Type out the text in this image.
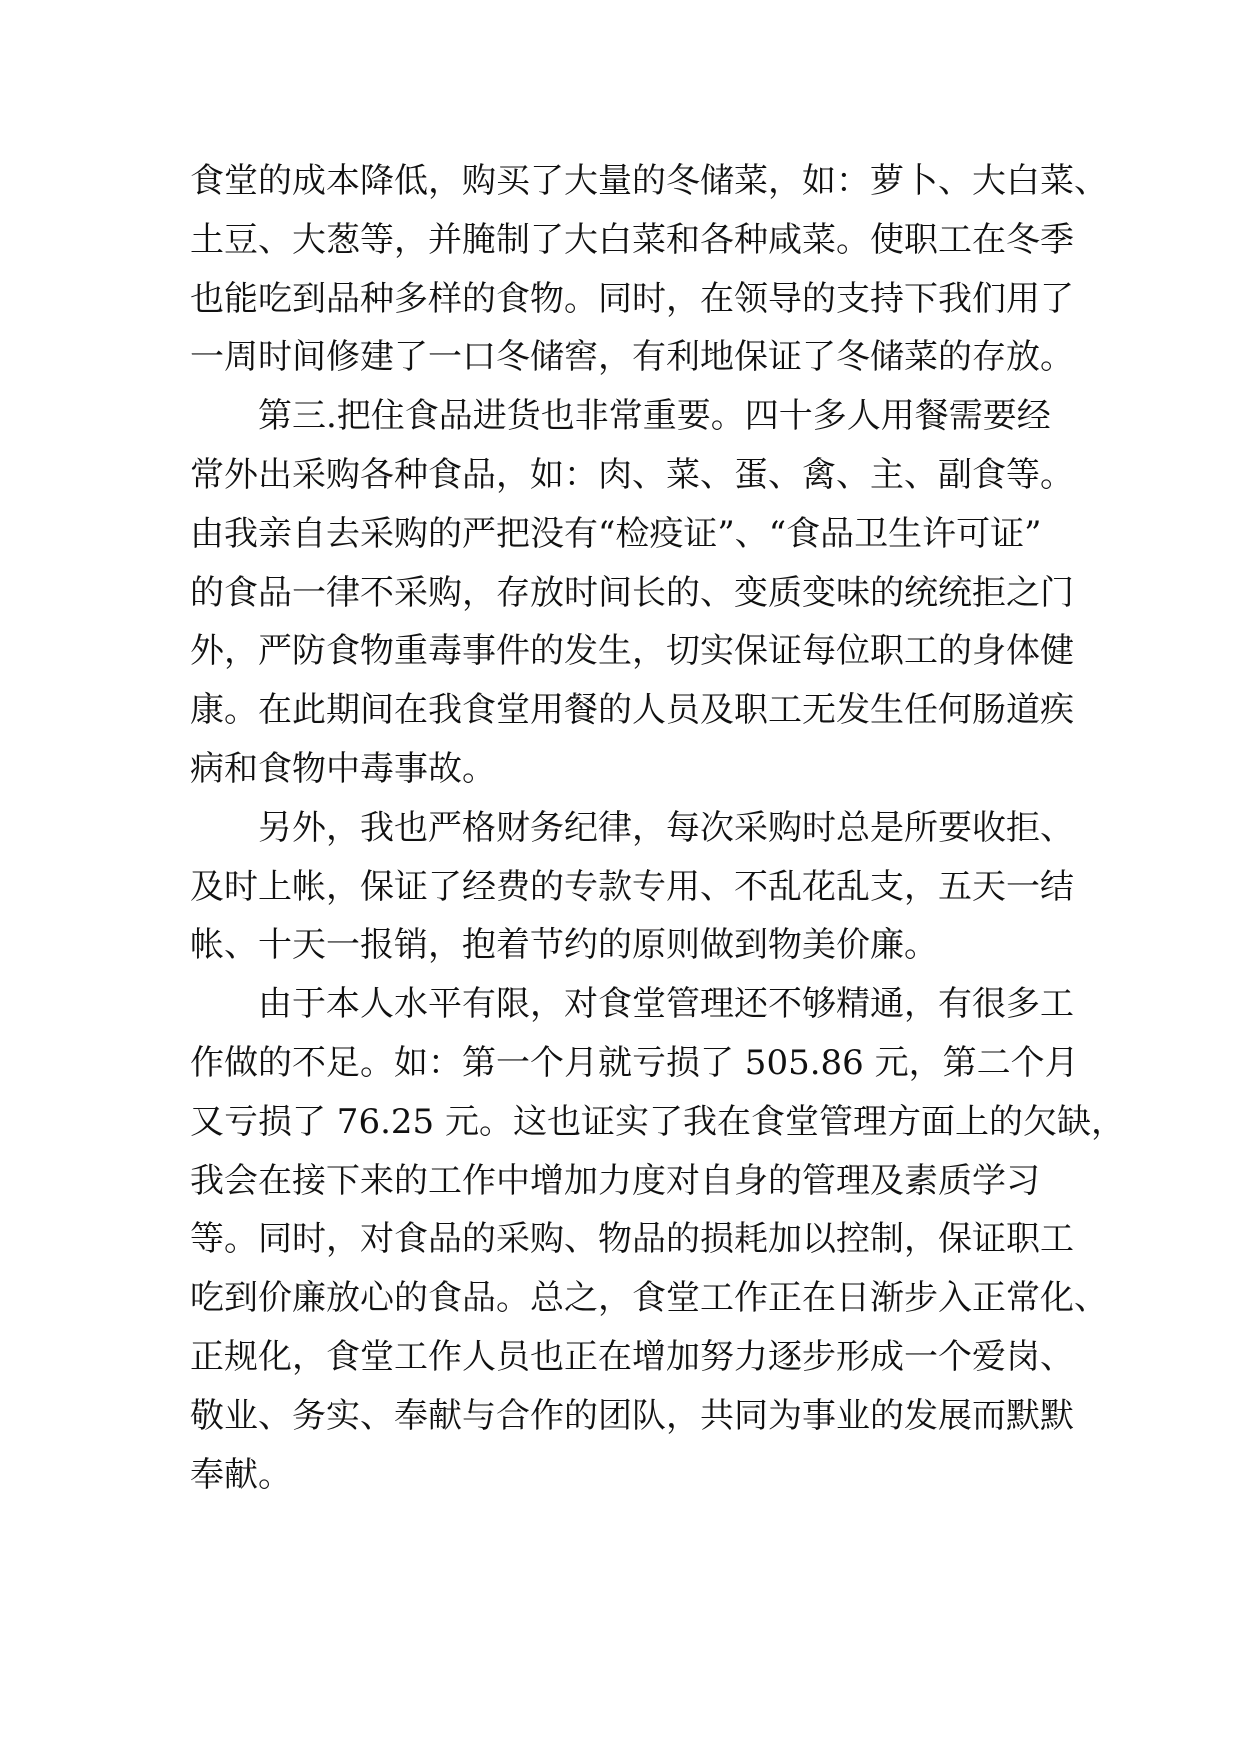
食堂的成本降低，购买了大量的冬储菜，如：萝卜、大白菜、
土豆、大葱等，并腌制了大白菜和各种咸菜。使职工在冬季
也能吃到品种多样的食物。同时，在领导的支持下我们用了
一周时间修建了一口冬储窖，有利地保证了冬储菜的存放。
第三.把住食品进货也非常重要。四十多人用餐需要经
常外出采购各种食品，如：肉、菜、蛋、禽、主、副食等。
由我亲自去采购的严把没有“检疫证”、“食品卫生许可证”
的食品一律不采购，存放时间长的、变质变味的统统拒之门
外，严防食物重毒事件的发生，切实保证每位职工的身体健
康。在此期间在我食堂用餐的人员及职工无发生任何肠道疾
病和食物中毒事故。
另外，我也严格财务纪律，每次采购时总是所要收拒、
及时上帐，保证了经费的专款专用、不乱花乱支，五天一结
帐、十天一报销，抱着节约的原则做到物美价廉。
由于本人水平有限，对食堂管理还不够精通，有很多工
作做的不足。如：第一个月就亏损了 505.86 元，第二个月
又亏损了 76.25 元。这也证实了我在食堂管理方面上的欠缺，
我会在接下来的工作中增加力度对自身的管理及素质学习
等。同时，对食品的采购、物品的损耗加以控制，保证职工
吃到价廉放心的食品。总之，食堂工作正在日渐步入正常化、
正规化，食堂工作人员也正在增加努力逐步形成一个爱岗、
敬业、务实、奉献与合作的团队，共同为事业的发展而默默
奉献。
